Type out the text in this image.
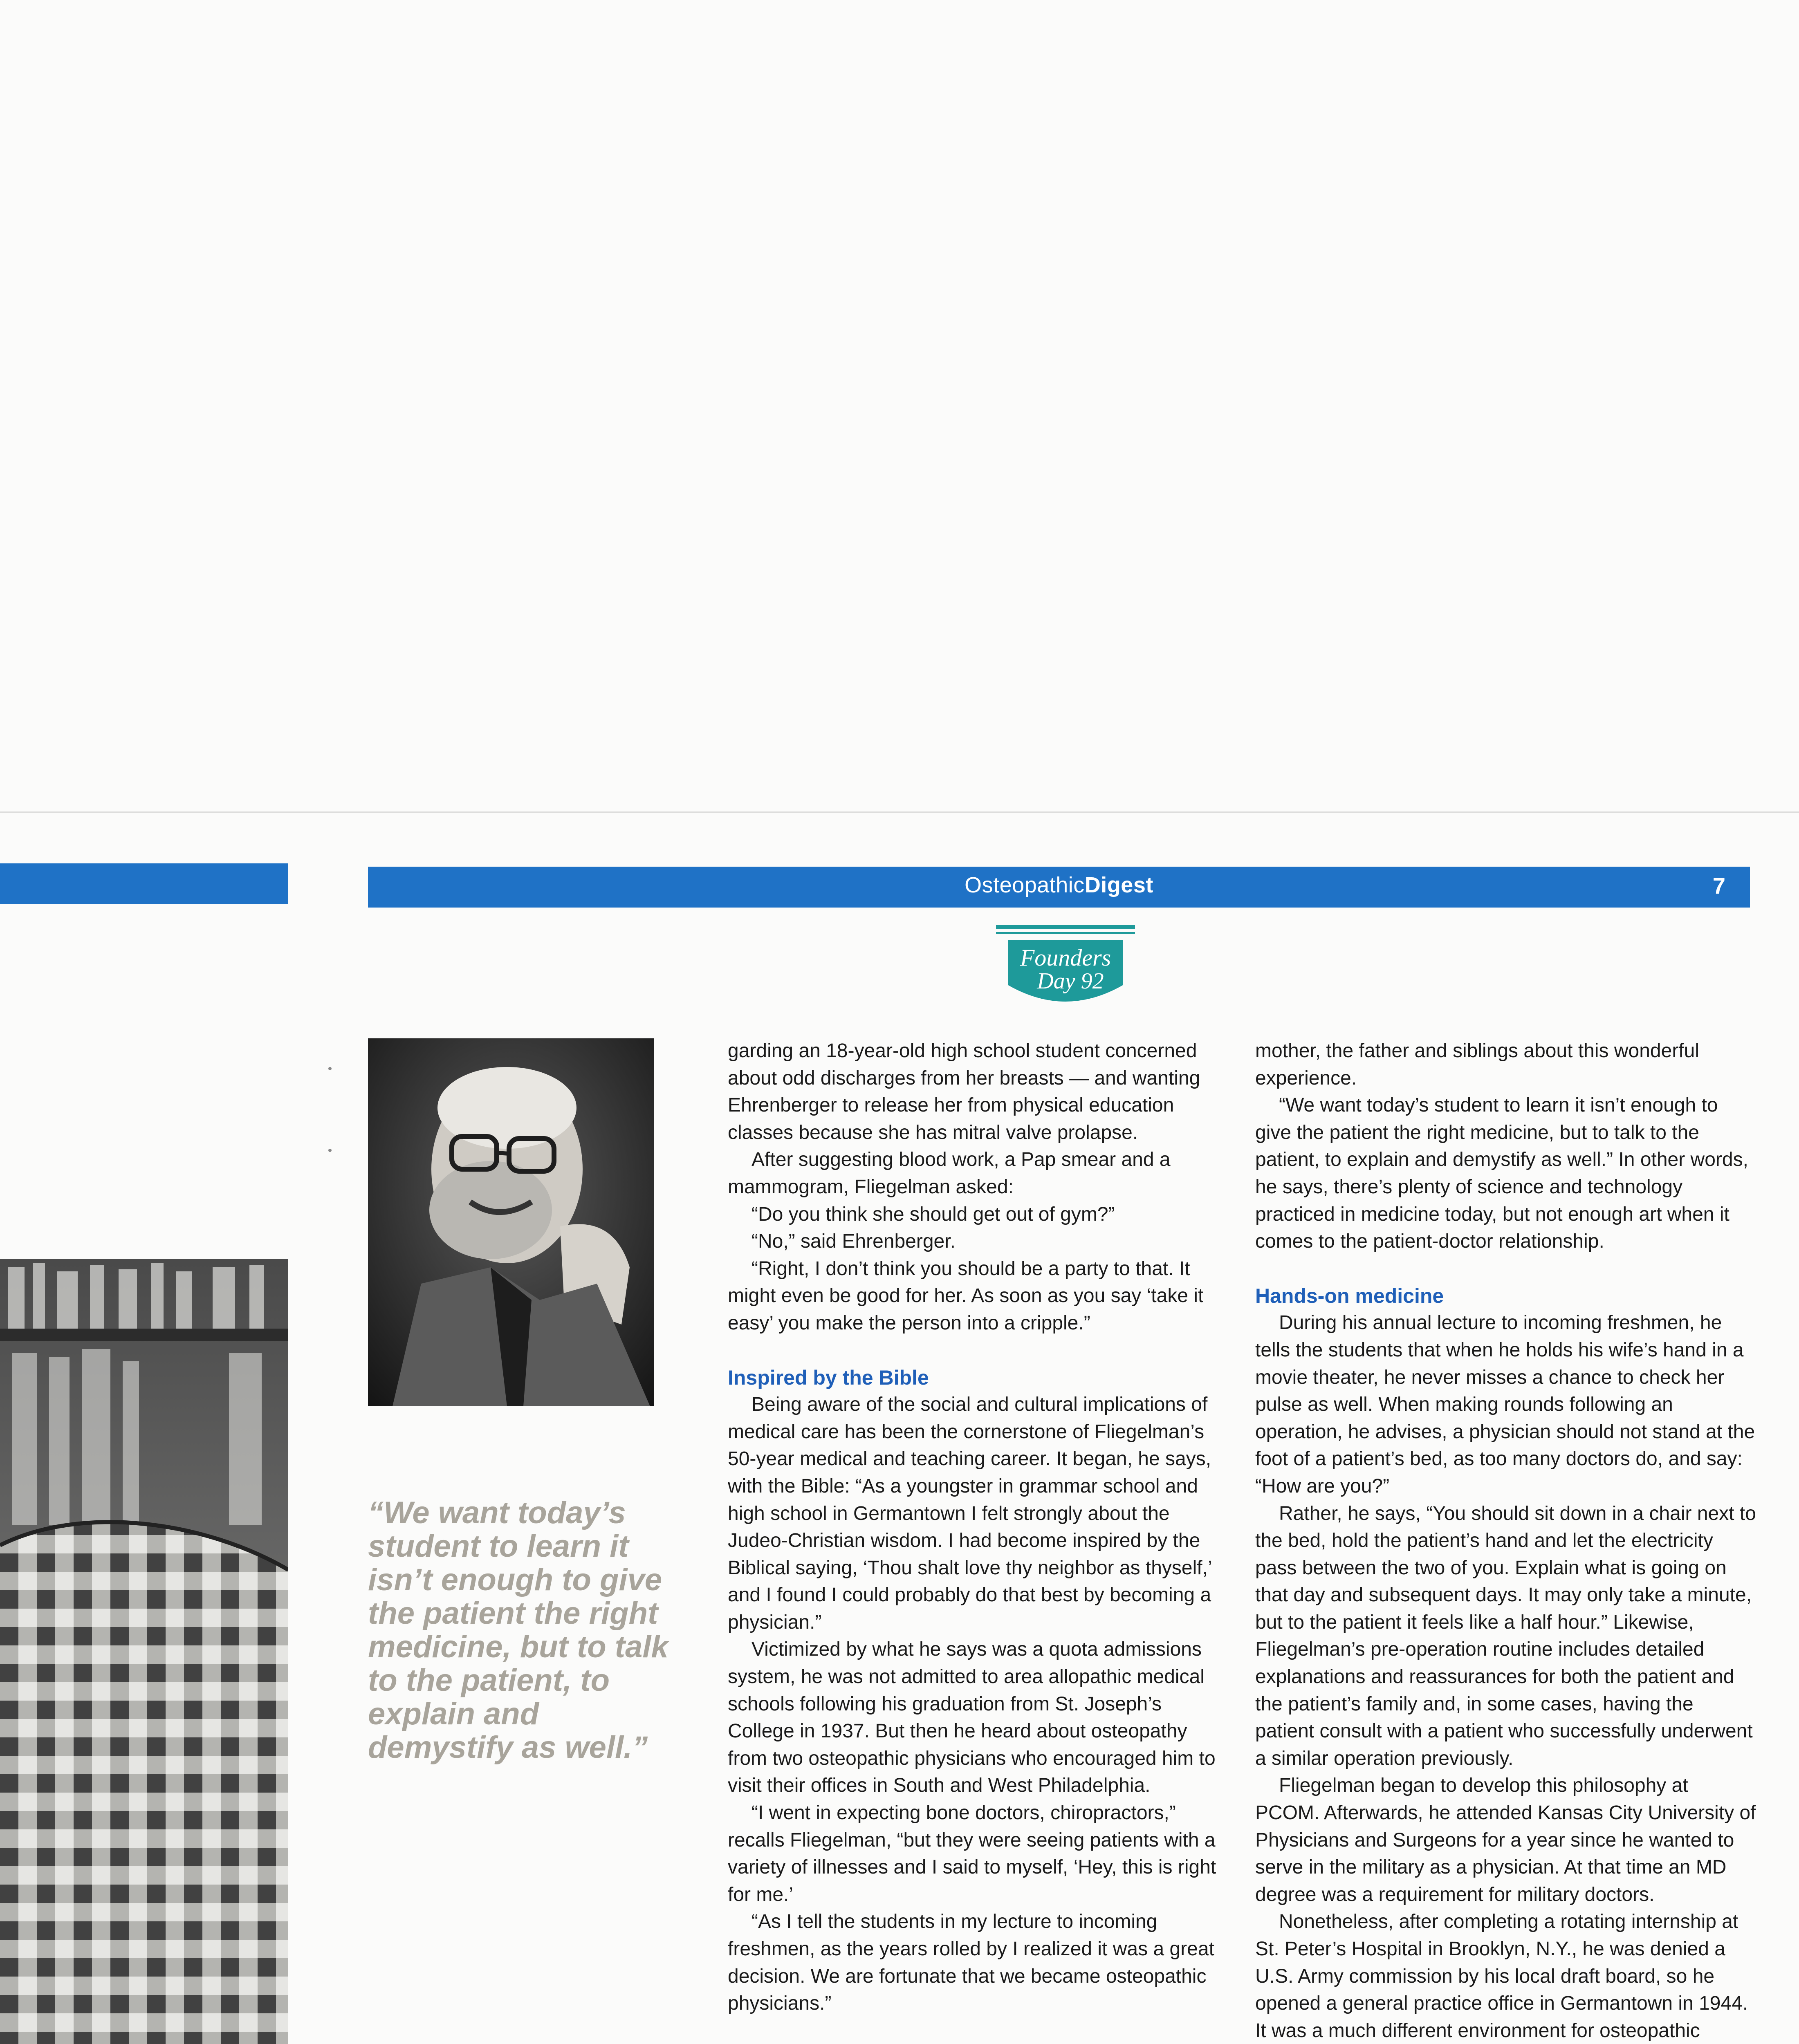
OsteopathicDigest	7
Founders
Day 92
“We want today’s student to learn it isn’t enough to give the patient the right medicine, but to talk to the patient, to explain and demystify as well.”

garding an 18-year-old high school student concerned about odd discharges from her breasts — and wanting Ehrenberger to release her from physical education classes because she has mitral valve prolapse.

After suggesting blood work, a Pap smear and a mammogram, Fliegelman asked:

“Do you think she should get out of gym?”

“No,” said Ehrenberger.

“Right, I don’t think you should be a party to that. It might even be good for her. As soon as you say ‘take it easy’ you make the person into a cripple.”

Inspired by the Bible

Being aware of the social and cultural implications of medical care has been the cornerstone of Fliegelman’s 50-year medical and teaching career. It began, he says, with the Bible: “As a youngster in grammar school and high school in Germantown I felt strongly about the Judeo-Christian wisdom. I had become inspired by the Biblical saying, ‘Thou shalt love thy neighbor as thyself,’ and I found I could probably do that best by becoming a physician.”

Victimized by what he says was a quota admissions system, he was not admitted to area allopathic medical schools following his graduation from St. Joseph’s College in 1937. But then he heard about osteopathy from two osteopathic physicians who encouraged him to visit their offices in South and West Philadelphia.

“I went in expecting bone doctors, chiropractors,” recalls Fliegelman, “but they were seeing patients with a variety of illnesses and I said to myself, ‘Hey, this is right for me.’

“As I tell the students in my lecture to incoming freshmen, as the years rolled by I realized it was a great decision. We are fortunate that we became osteopathic physicians.”

mother, the father and siblings about this wonderful experience.

“We want today’s student to learn it isn’t enough to give the patient the right medicine, but to talk to the patient, to explain and demystify as well.” In other words, he says, there’s plenty of science and technology practiced in medicine today, but not enough art when it comes to the patient-doctor relationship.

Hands-on medicine

During his annual lecture to incoming freshmen, he tells the students that when he holds his wife’s hand in a movie theater, he never misses a chance to check her pulse as well. When making rounds following an operation, he advises, a physician should not stand at the foot of a patient’s bed, as too many doctors do, and say: “How are you?”

Rather, he says, “You should sit down in a chair next to the bed, hold the patient’s hand and let the electricity pass between the two of you. Explain what is going on that day and subsequent days. It may only take a minute, but to the patient it feels like a half hour.” Likewise, Fliegelman’s pre-operation routine includes detailed explanations and reassurances for both the patient and the patient’s family and, in some cases, having the patient consult with a patient who successfully underwent a similar operation previously.

Fliegelman began to develop this philosophy at PCOM. Afterwards, he attended Kansas City University of Physicians and Surgeons for a year since he wanted to serve in the military as a physician. At that time an MD degree was a requirement for military doctors.

Nonetheless, after completing a rotating internship at St. Peter’s Hospital in Brooklyn, N.Y., he was denied a U.S. Army commission by his local draft board, so he opened a general practice office in Germantown in 1944. It was a much different environment for osteopathic
